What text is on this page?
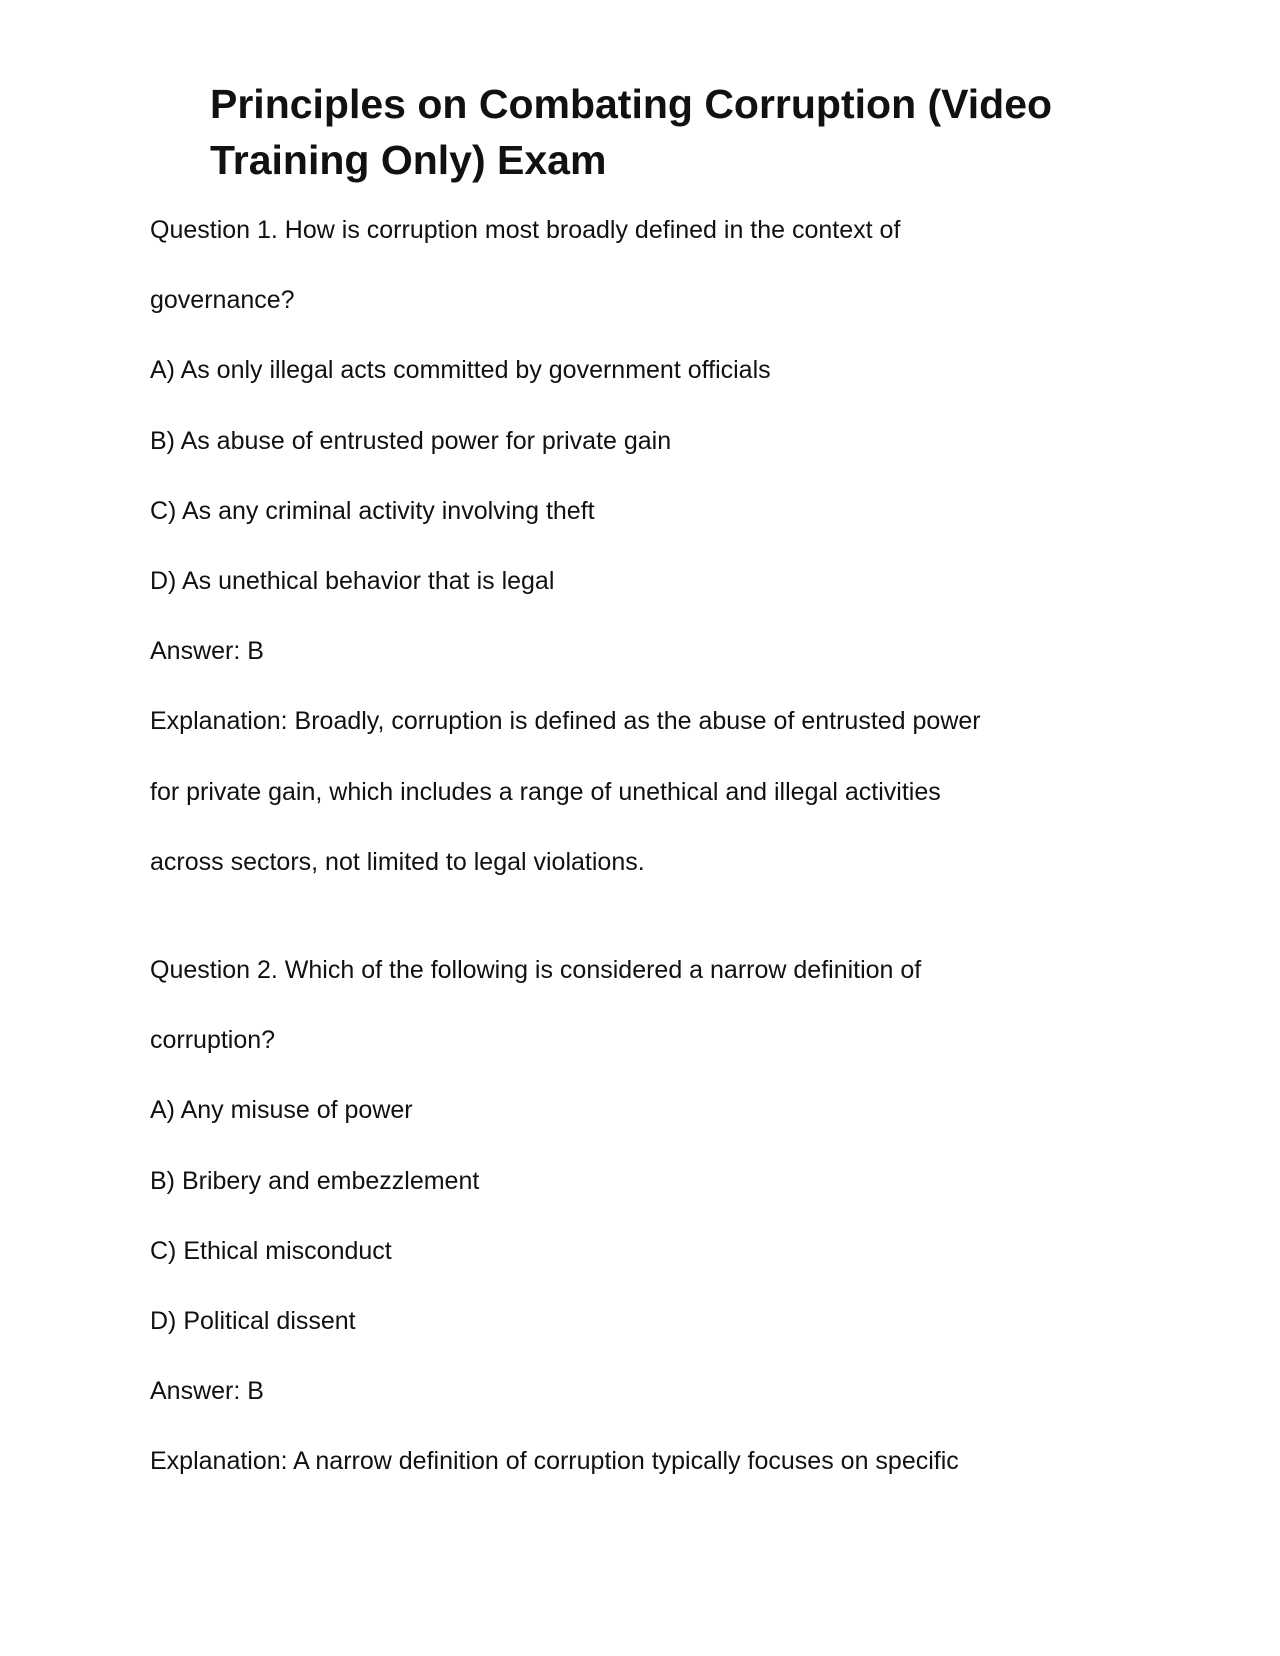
Principles on Combating Corruption (Video Training Only) Exam

Question 1. How is corruption most broadly defined in the context of

governance?

A) As only illegal acts committed by government officials

B) As abuse of entrusted power for private gain

C) As any criminal activity involving theft

D) As unethical behavior that is legal

Answer: B

Explanation: Broadly, corruption is defined as the abuse of entrusted power

for private gain, which includes a range of unethical and illegal activities

across sectors, not limited to legal violations.

Question 2. Which of the following is considered a narrow definition of

corruption?

A) Any misuse of power

B) Bribery and embezzlement

C) Ethical misconduct

D) Political dissent

Answer: B

Explanation: A narrow definition of corruption typically focuses on specific
